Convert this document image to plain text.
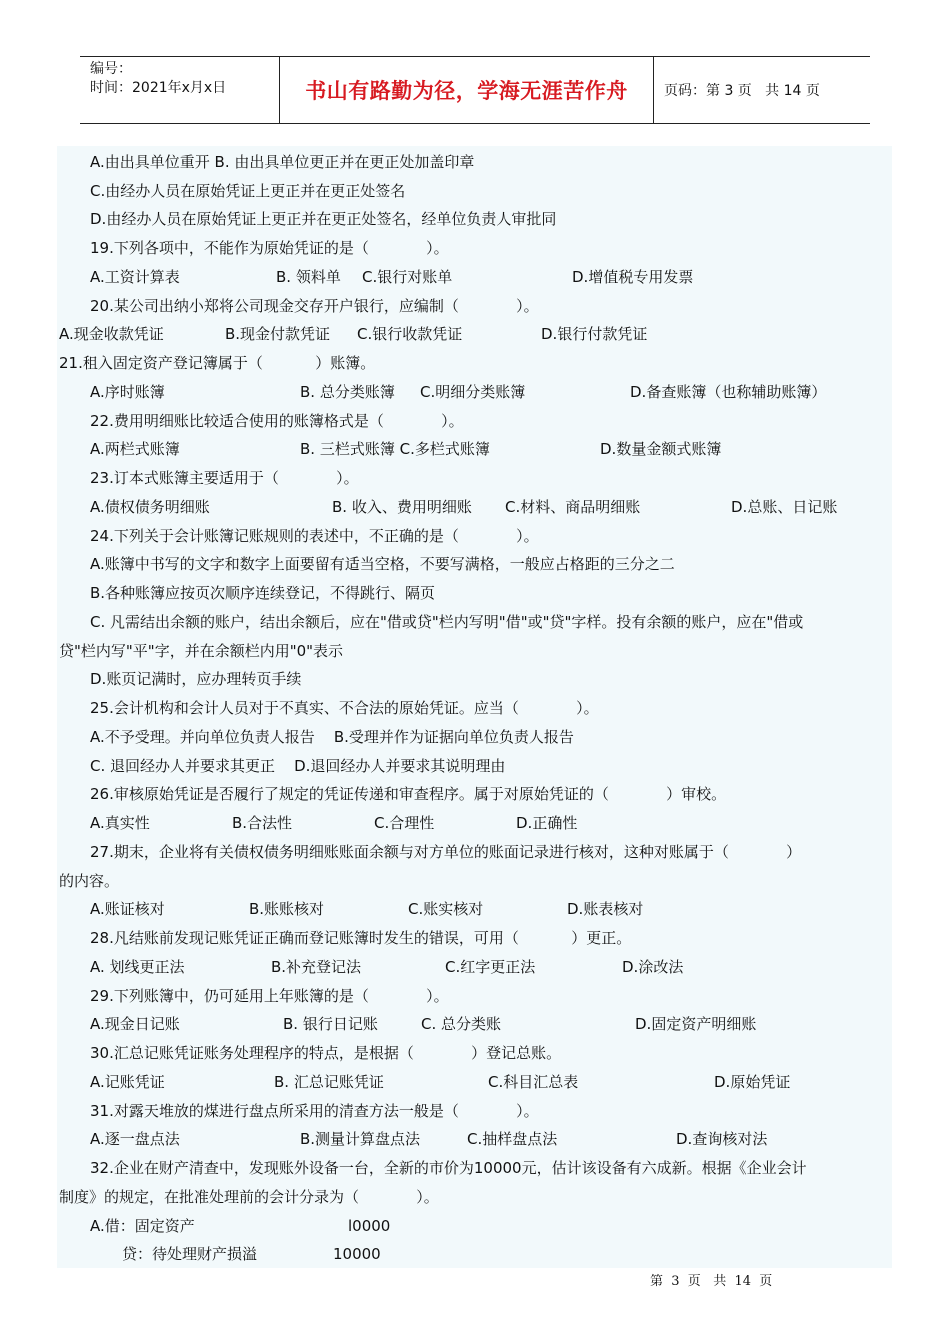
编号：
时间：2021年x月x日	书山有路勤为径，学海无涯苦作舟	页码：第 3 页   共 14 页
A.由出具单位重开 B. 由出具单位更正并在更正处加盖印章
C.由经办人员在原始凭证上更正并在更正处签名
D.由经办人员在原始凭证上更正并在更正处签名，经单位负责人审批同
19.下列各项中，不能作为原始凭证的是（            ）。
A.工资计算表	B. 领料单 C.银行对账单	D.增值税专用发票
20.某公司出纳小郑将公司现金交存开户银行，应编制（            ）。
A.现金收款凭证	B.现金付款凭证 C.银行收款凭证	D.银行付款凭证
21.租入固定资产登记簿属于（           ）账簿。
A.序时账簿	B. 总分类账簿 C.明细分类账簿	D.备查账簿（也称辅助账簿）
22.费用明细账比较适合使用的账簿格式是（            ）。
A.两栏式账簿	B. 三栏式账簿 C.多栏式账簿	D.数量金额式账簿
23.订本式账簿主要适用于（            ）。
A.债权债务明细账	B. 收入、费用明细账 C.材料、商品明细账	D.总账、日记账
24.下列关于会计账簿记账规则的表述中，不正确的是（            ）。
A.账簿中书写的文字和数字上面要留有适当空格，不要写满格，一般应占格距的三分之二
B.各种账簿应按页次顺序连续登记，不得跳行、隔页
C. 凡需结出余额的账户，结出余额后，应在"借或贷"栏内写明"借"或"贷"字样。投有余额的账户，应在"借或
贷"栏内写"平"字，并在余额栏内用"0"表示
D.账页记满时，应办理转页手续
25.会计机构和会计人员对于不真实、不合法的原始凭证。应当（            ）。
A.不予受理。并向单位负责人报告    B.受理并作为证据向单位负责人报告
C. 退回经办人并要求其更正    D.退回经办人并要求其说明理由
26.审核原始凭证是否履行了规定的凭证传递和审查程序。属于对原始凭证的（            ）审校。
A.真实性	B.合法性	C.合理性	D.正确性
27.期末，企业将有关债权债务明细账账面余额与对方单位的账面记录进行核对，这种对账属于（            ）
的内容。
A.账证核对	B.账账核对	C.账实核对	D.账表核对
28.凡结账前发现记账凭证正确而登记账簿时发生的错误，可用（           ）更正。
A. 划线更正法	B.补充登记法	C.红字更正法	D.涂改法
29.下列账簿中，仍可延用上年账簿的是（            ）。
A.现金日记账	B. 银行日记账	C. 总分类账	D.固定资产明细账
30.汇总记账凭证账务处理程序的特点，是根据（            ）登记总账。
A.记账凭证	B. 汇总记账凭证	C.科目汇总表	D.原始凭证
31.对露天堆放的煤进行盘点所采用的清查方法一般是（            ）。
A.逐一盘点法	B.测量计算盘点法	C.抽样盘点法	D.查询核对法
32.企业在财产清查中，发现账外设备一台，全新的市价为10000元，估计该设备有六成新。根据《企业会计
制度》的规定，在批准处理前的会计分录为（            ）。
A.借：固定资产	l0000
贷：待处理财产损溢	10000
第  3  页   共  14  页
